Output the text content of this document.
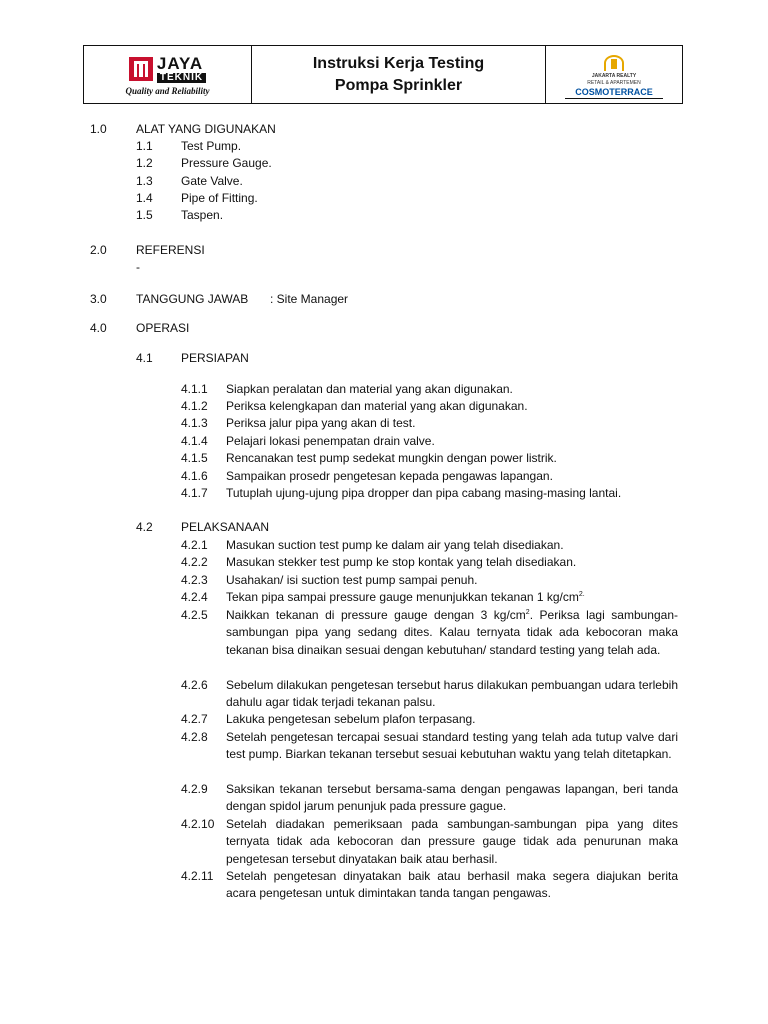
JAYA
TEKNIK
Quality and Reliability
Instruksi Kerja Testing
Pompa Sprinkler
JAKARTA REALTY
RETAIL & APARTEMEN
COSMOTERRACE
1.0 ALAT YANG DIGUNAKAN
1.1 Test Pump.
1.2 Pressure Gauge.
1.3 Gate Valve.
1.4 Pipe of Fitting.
1.5 Taspen.
2.0 REFERENSI
-
3.0 TANGGUNG JAWAB : Site Manager
4.0 OPERASI
4.1 PERSIAPAN
4.1.1 Siapkan peralatan dan material yang akan digunakan.
4.1.2 Periksa kelengkapan dan material yang akan digunakan.
4.1.3 Periksa jalur pipa yang akan di test.
4.1.4 Pelajari lokasi penempatan drain valve.
4.1.5 Rencanakan test pump sedekat mungkin dengan power listrik.
4.1.6 Sampaikan prosedr pengetesan kepada pengawas lapangan.
4.1.7 Tutuplah ujung-ujung pipa dropper dan pipa cabang masing-masing lantai.
4.2 PELAKSANAAN
4.2.1 Masukan suction test pump ke dalam air yang telah disediakan.
4.2.2 Masukan stekker test pump ke stop kontak yang telah disediakan.
4.2.3 Usahakan/ isi suction test pump sampai penuh.
4.2.4 Tekan pipa sampai pressure gauge menunjukkan tekanan 1 $kg/cm^{2.}$
4.2.5 Naikkan tekanan di pressure gauge dengan 3 $kg/cm^2$. Periksa lagi sambungan-sambungan pipa yang sedang dites. Kalau ternyata tidak ada kebocoran maka tekanan bisa dinaikan sesuai dengan kebutuhan/ standard testing yang telah ada.
4.2.6 Sebelum dilakukan pengetesan tersebut harus dilakukan pembuangan udara terlebih dahulu agar tidak terjadi tekanan palsu.
4.2.7 Lakuka pengetesan sebelum plafon terpasang.
4.2.8 Setelah pengetesan tercapai sesuai standard testing yang telah ada tutup valve dari test pump. Biarkan tekanan tersebut sesuai kebutuhan waktu yang telah ditetapkan.
4.2.9 Saksikan tekanan tersebut bersama-sama dengan pengawas lapangan, beri tanda dengan spidol jarum penunjuk pada pressure gague.
4.2.10 Setelah diadakan pemeriksaan pada sambungan-sambungan pipa yang dites ternyata tidak ada kebocoran dan pressure gauge tidak ada penurunan maka pengetesan tersebut dinyatakan baik atau berhasil.
4.2.11 Setelah pengetesan dinyatakan baik atau berhasil maka segera diajukan berita acara pengetesan untuk dimintakan tanda tangan pengawas.
